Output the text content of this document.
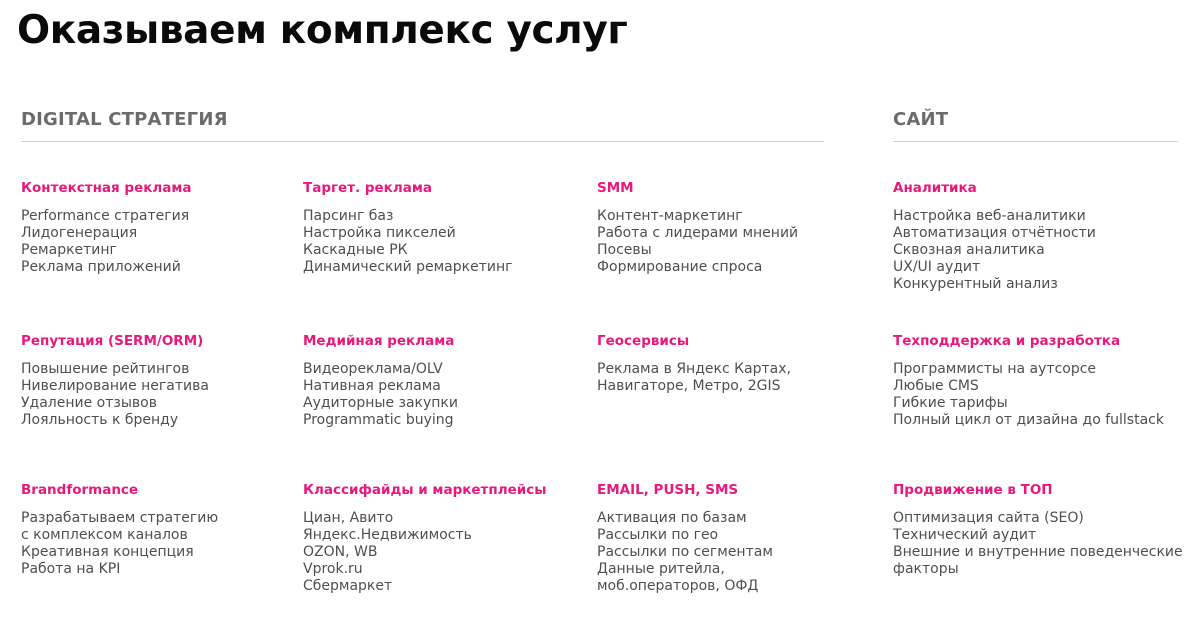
Оказываем комплекс услуг
DIGITAL СТРАТЕГИЯ	САЙТ
Контекстная реклама
Performance стратегия
Лидогенерация
Ремаркетинг
Реклама приложений
Таргет. реклама
Парсинг баз
Настройка пикселей
Каскадные РК
Динамический ремаркетинг
SMM
Контент-маркетинг
Работа с лидерами мнений
Посевы
Формирование спроса
Аналитика
Настройка веб-аналитики
Автоматизация отчётности
Сквозная аналитика
UX/UI аудит
Конкурентный анализ
Репутация (SERM/ORM)
Повышение рейтингов
Нивелирование негатива
Удаление отзывов
Лояльность к бренду
Медийная реклама
Видеореклама/OLV
Нативная реклама
Аудиторные закупки
Programmatic buying
Геосервисы
Реклама в Яндекс Картах,
Навигаторе, Метро, 2GIS
Техподдержка и разработка
Программисты на аутсорсе
Любые CMS
Гибкие тарифы
Полный цикл от дизайна до fullstack
Brandformance
Разрабатываем стратегию
с комплексом каналов
Креативная концепция
Работа на KPI
Классифайды и маркетплейсы
Циан, Авито
Яндекс.Недвижимость
OZON, WB
Vprok.ru
Сбермаркет
EMAIL, PUSH, SMS
Активация по базам
Рассылки по гео
Рассылки по сегментам
Данные ритейла,
моб.операторов, ОФД
Продвижение в ТОП
Оптимизация сайта (SEO)
Технический аудит
Внешние и внутренние поведенческие
факторы
